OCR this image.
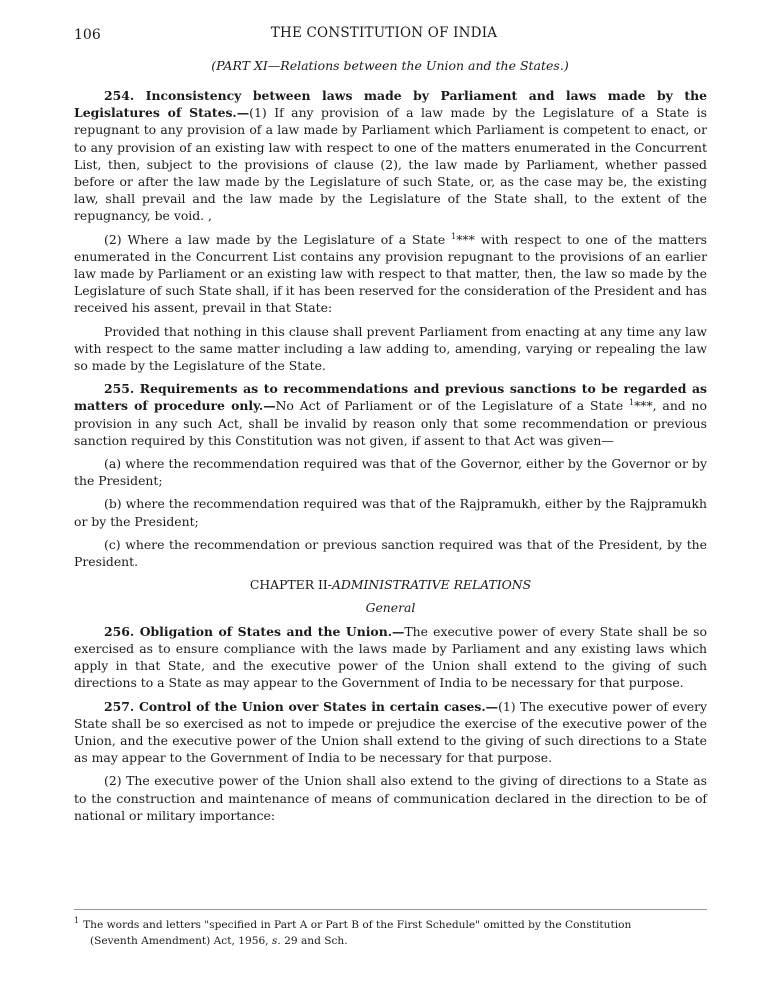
106	THE CONSTITUTION OF INDIA
(PART XI—Relations between the Union and the States.)

254. Inconsistency between laws made by Parliament and laws made by the Legislatures of States.—(1) If any provision of a law made by the Legislature of a State is repugnant to any provision of a law made by Parliament which Parliament is competent to enact, or to any provision of an existing law with respect to one of the matters enumerated in the Concurrent List, then, subject to the provisions of clause (2), the law made by Parliament, whether passed before or after the law made by the Legislature of such State, or, as the case may be, the existing law, shall prevail and the law made by the Legislature of the State shall, to the extent of the repugnancy, be void. ,

(2) Where a law made by the Legislature of a State $^1$*** with respect to one of the matters enumerated in the Concurrent List contains any provision repugnant to the provisions of an earlier law made by Parliament or an existing law with respect to that matter, then, the law so made by the Legislature of such State shall, if it has been reserved for the consideration of the President and has received his assent, prevail in that State:

Provided that nothing in this clause shall prevent Parliament from enacting at any time any law with respect to the same matter including a law adding to, amending, varying or repealing the law so made by the Legislature of the State.

255. Requirements as to recommendations and previous sanctions to be regarded as matters of procedure only.—No Act of Parliament or of the Legislature of a State $^1$***, and no provision in any such Act, shall be invalid by reason only that some recommendation or previous sanction required by this Constitution was not given, if assent to that Act was given—

(a) where the recommendation required was that of the Governor, either by the Governor or by the President;

(b) where the recommendation required was that of the Rajpramukh, either by the Rajpramukh or by the President;

(c) where the recommendation or previous sanction required was that of the President, by the President.

CHAPTER II-ADMINISTRATIVE RELATIONS

General

256. Obligation of States and the Union.—The executive power of every State shall be so exercised as to ensure compliance with the laws made by Parliament and any existing laws which apply in that State, and the executive power of the Union shall extend to the giving of such directions to a State as may appear to the Government of India to be necessary for that purpose.

257. Control of the Union over States in certain cases.—(1) The executive power of every State shall be so exercised as not to impede or prejudice the exercise of the executive power of the Union, and the executive power of the Union shall extend to the giving of such directions to a State as may appear to the Government of India to be necessary for that purpose.

(2) The executive power of the Union shall also extend to the giving of directions to a State as to the construction and maintenance of means of communication declared in the direction to be of national or military importance:

$^1$ The words and letters "specified in Part A or Part B of the First Schedule" omitted by the Constitution
(Seventh Amendment) Act, 1956, s. 29 and Sch.
